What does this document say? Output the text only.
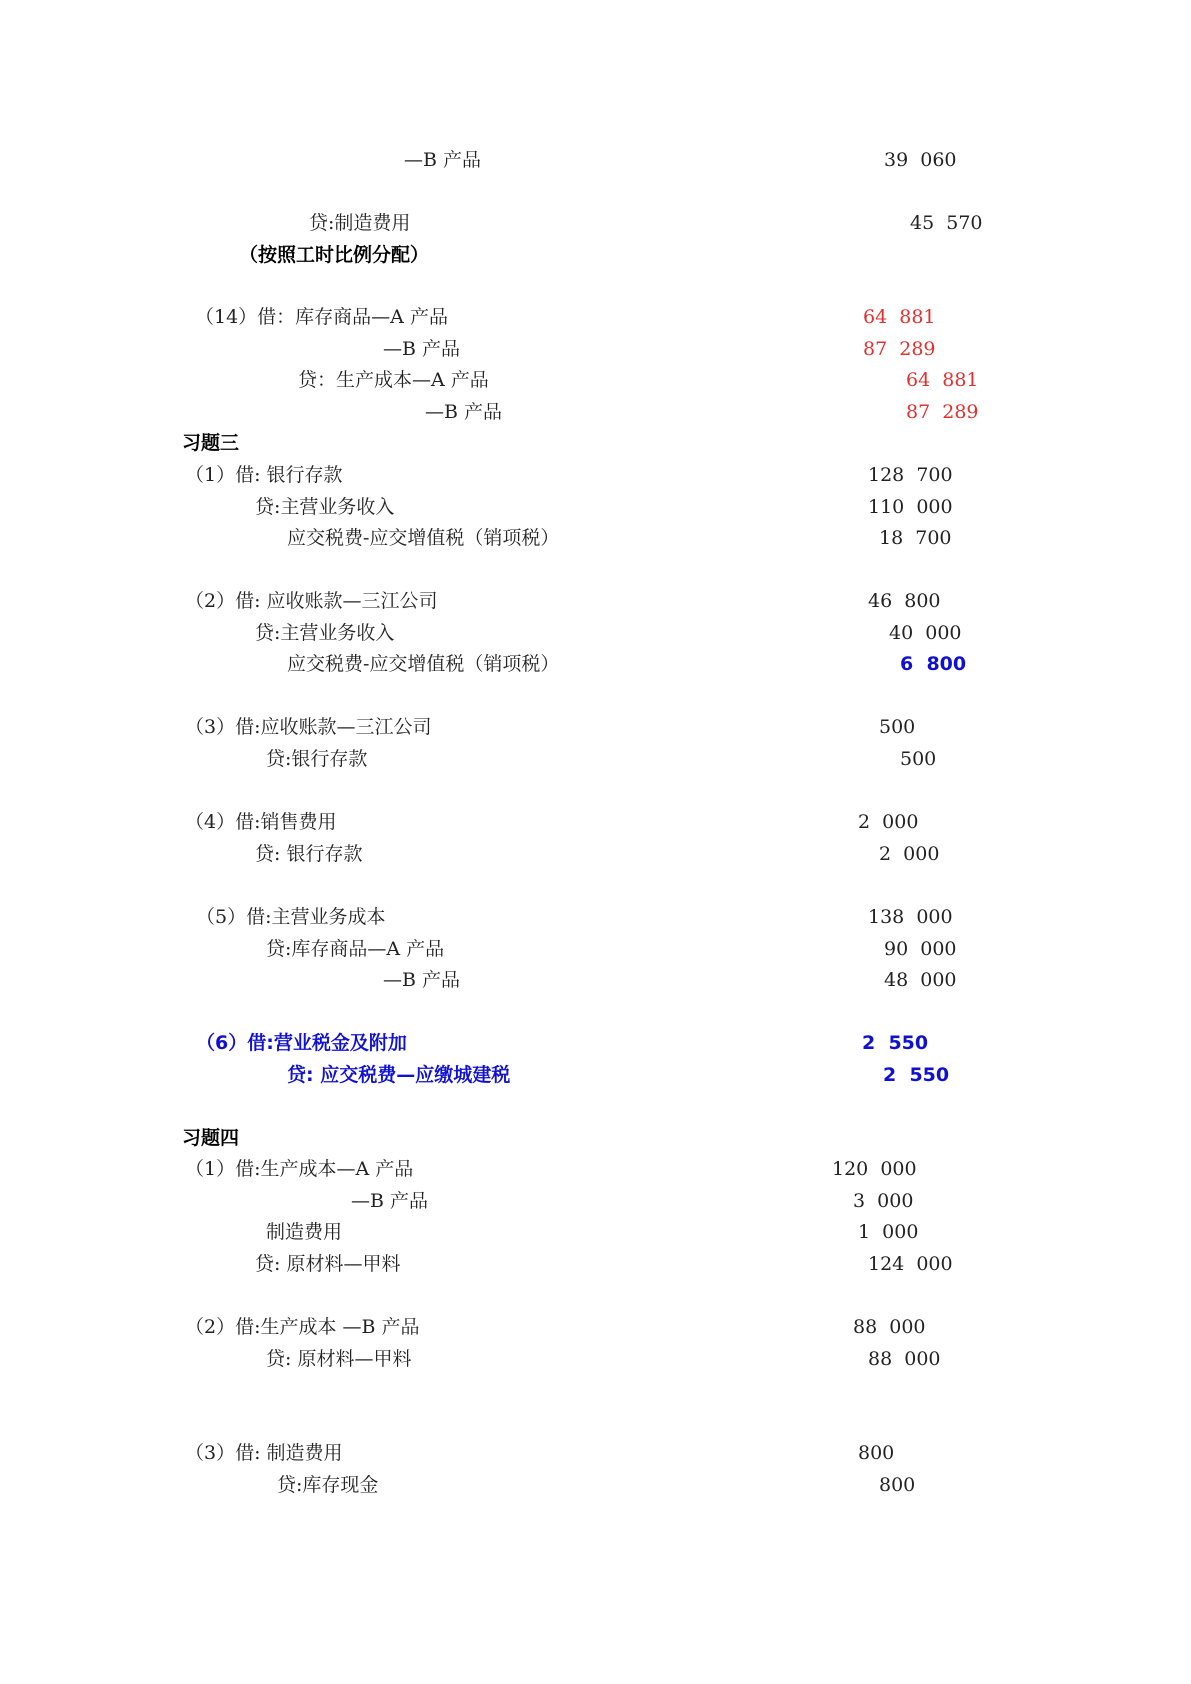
—B 产品	39  060
贷:制造费用	45  570
（按照工时比例分配）
（14）借：库存商品—A 产品	64  881
—B 产品	87  289
贷：生产成本—A 产品	64  881
—B 产品	87  289
习题三
（1）借: 银行存款	128  700
贷:主营业务收入	110  000
应交税费-应交增值税（销项税）	18  700
（2）借: 应收账款—三江公司	46  800
贷:主营业务收入	40  000
应交税费-应交增值税（销项税）	6  800
（3）借:应收账款—三江公司	500
贷:银行存款	500
（4）借:销售费用	2  000
贷: 银行存款	2  000
（5）借:主营业务成本	138  000
贷:库存商品—A 产品	90  000
—B 产品	48  000
（6）借:营业税金及附加	2  550
贷: 应交税费—应缴城建税	2  550
习题四
（1）借:生产成本—A 产品	120  000
—B 产品	3  000
制造费用	1  000
贷: 原材料—甲料	124  000
（2）借:生产成本 —B 产品	88  000
贷: 原材料—甲料	88  000
（3）借: 制造费用	800
贷:库存现金	800
